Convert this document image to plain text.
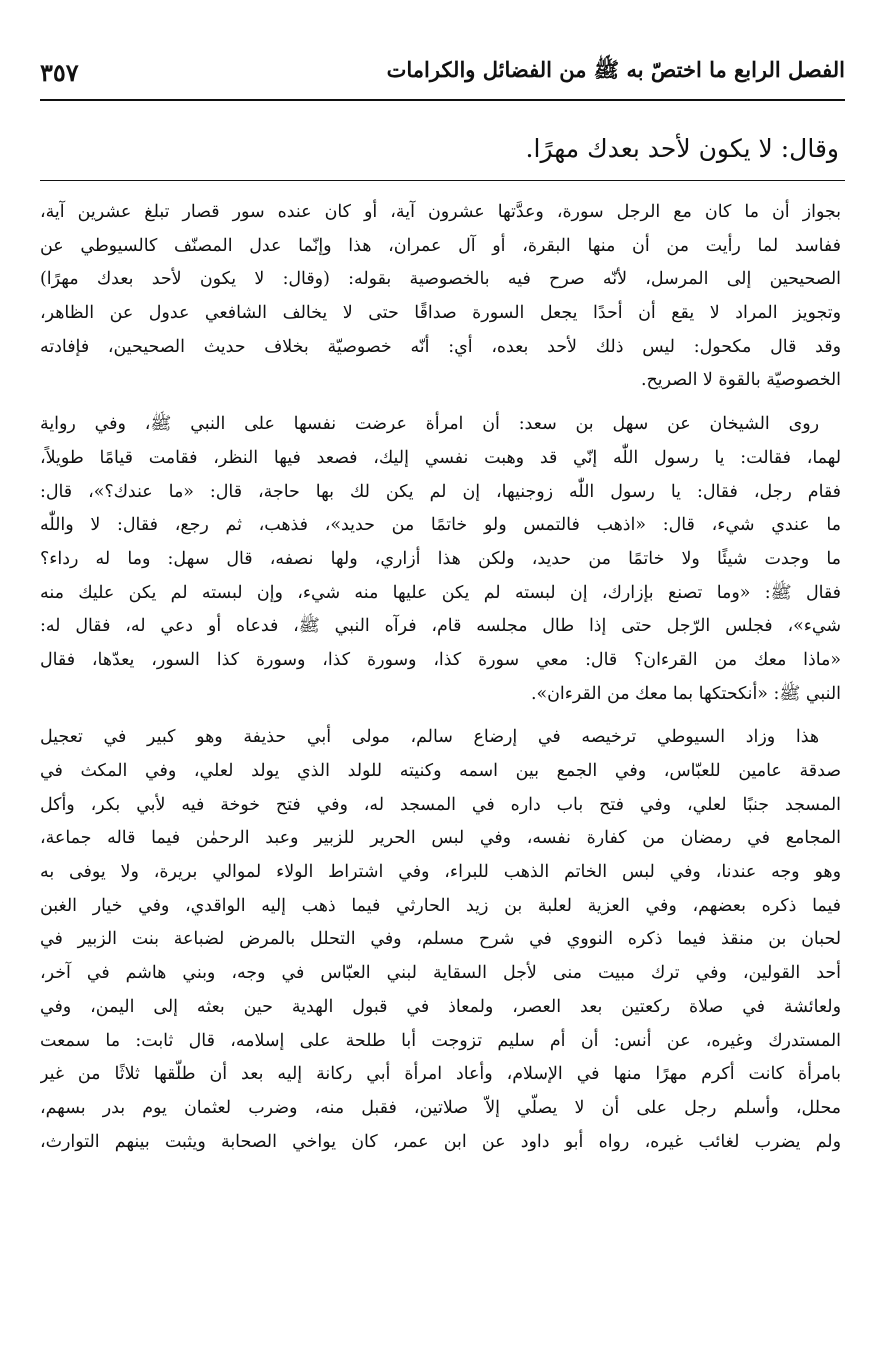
٣٥٧	الفصل الرابع ما اختصّ به ﷺ من الفضائل والكرامات
وقال: لا يكون لأحد بعدك مهرًا.
بجواز أن ما كان مع الرجل سورة، وعدَّتها عشرون آية، أو كان عنده سور قصار تبلغ عشرين آية،
ففاسد لما رأيت من أن منها البقرة، أو آل عمران، هذا وإنّما عدل المصنّف كالسيوطي عن
الصحيحين إلى المرسل، لأنّه صرح فيه بالخصوصية بقوله: (وقال: لا يكون لأحد بعدك مهرًا)
وتجويز المراد لا يقع أن أحدًا يجعل السورة صداقًا حتى لا يخالف الشافعي عدول عن الظاهر،
وقد قال مكحول: ليس ذلك لأحد بعده، أي: أنّه خصوصيّة بخلاف حديث الصحيحين، فإفادته
الخصوصيّة بالقوة لا الصريح.
روى الشيخان عن سهل بن سعد: أن امرأة عرضت نفسها على النبي ﷺ، وفي رواية
لهما، فقالت: يا رسول اللّٰه إنّي قد وهبت نفسي إليك، فصعد فيها النظر، فقامت قيامًا طويلاً،
فقام رجل، فقال: يا رسول اللّٰه زوجنيها، إن لم يكن لك بها حاجة، قال: «ما عندك؟»، قال:
ما عندي شيء، قال: «اذهب فالتمس ولو خاتمًا من حديد»، فذهب، ثم رجع، فقال: لا واللّٰه
ما وجدت شيئًا ولا خاتمًا من حديد، ولكن هذا أزاري، ولها نصفه، قال سهل: وما له رداء؟
فقال ﷺ: «وما تصنع بإزارك، إن لبسته لم يكن عليها منه شيء، وإن لبسته لم يكن عليك منه
شيء»، فجلس الرّجل حتى إذا طال مجلسه قام، فرآه النبي ﷺ، فدعاه أو دعي له، فقال له:
«ماذا معك من القرءان؟ قال: معي سورة كذا، وسورة كذا، وسورة كذا السور، يعدّها، فقال
النبي ﷺ: «أنكحتكها بما معك من القرءان».
هذا وزاد السيوطي ترخيصه في إرضاع سالم، مولى أبي حذيفة وهو كبير في تعجيل
صدقة عامين للعبّاس، وفي الجمع بين اسمه وكنيته للولد الذي يولد لعلي، وفي المكث في
المسجد جنبًا لعلي، وفي فتح باب داره في المسجد له، وفي فتح خوخة فيه لأبي بكر، وأكل
المجامع في رمضان من كفارة نفسه، وفي لبس الحرير للزبير وعبد الرحمٰن فيما قاله جماعة،
وهو وجه عندنا، وفي لبس الخاتم الذهب للبراء، وفي اشتراط الولاء لموالي بريرة، ولا يوفى به
فيما ذكره بعضهم، وفي العزية لعلبة بن زيد الحارثي فيما ذهب إليه الواقدي، وفي خيار الغبن
لحبان بن منقذ فيما ذكره النووي في شرح مسلم، وفي التحلل بالمرض لضباعة بنت الزبير في
أحد القولين، وفي ترك مبيت منى لأجل السقاية لبني العبّاس في وجه، وبني هاشم في آخر،
ولعائشة في صلاة ركعتين بعد العصر، ولمعاذ في قبول الهدية حين بعثه إلى اليمن، وفي
المستدرك وغيره، عن أنس: أن أم سليم تزوجت أبا طلحة على إسلامه، قال ثابت: ما سمعت
بامرأة كانت أكرم مهرًا منها في الإسلام، وأعاد امرأة أبي ركانة إليه بعد أن طلّقها ثلاثًا من غير
محلل، وأسلم رجل على أن لا يصلّي إلاّ صلاتين، فقبل منه، وضرب لعثمان يوم بدر بسهم،
ولم يضرب لغائب غيره، رواه أبو داود عن ابن عمر، كان يواخي الصحابة ويثبت بينهم التوارث،
